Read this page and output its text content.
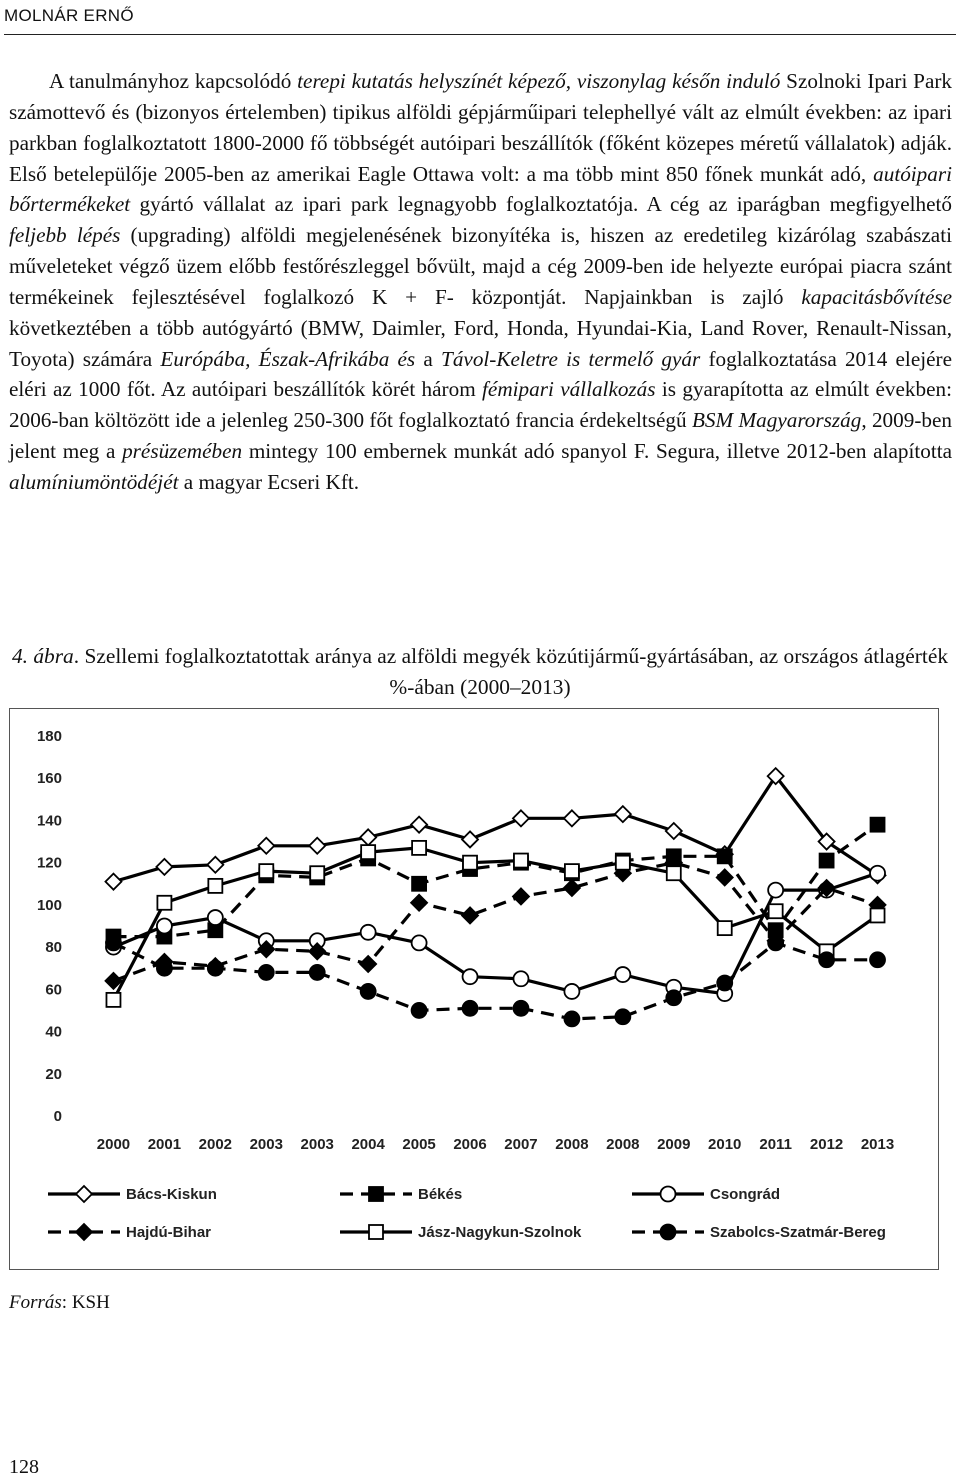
MOLNÁR ERNŐ

A tanulmányhoz kapcsolódó terepi kutatás helyszínét képező, viszonylag későn induló Szolnoki Ipari Park számottevő és (bizonyos értelemben) tipikus alföldi gépjárműipari telephellyé vált az elmúlt években: az ipari parkban foglalkoztatott 1800-2000 fő többségét autóipari beszállítók (főként közepes méretű vállalatok) adják. Első betelepülője 2005-ben az amerikai Eagle Ottawa volt: a ma több mint 850 főnek munkát adó, autóipari bőrtermékeket gyártó vállalat az ipari park legnagyobb foglalkoztatója. A cég az iparágban megfigyelhető feljebb lépés (upgrading) alföldi megjelenésének bizonyítéka is, hiszen az eredetileg kizárólag szabászati műveleteket végző üzem előbb festőrészleggel bővült, majd a cég 2009-ben ide helyezte európai piacra szánt termékeinek fejlesztésével foglalkozó K + F- központját. Napjainkban is zajló kapacitásbővítése következtében a több autógyártó (BMW, Daimler, Ford, Honda, Hyundai-Kia, Land Rover, Renault-Nissan, Toyota) számára Európába, Észak-Afrikába és a Távol-Keletre is termelő gyár foglalkoztatása 2014 elejére eléri az 1000 főt. Az autóipari beszállítók körét három fémipari vállalkozás is gyarapította az elmúlt években: 2006-ban költözött ide a jelenleg 250-300 főt foglalkoztató francia érdekeltségű BSM Magyarország, 2009-ben jelent meg a présüzemében mintegy 100 embernek munkát adó spanyol F. Segura, illetve 2012-ben alapította alumíniumöntödéjét a magyar Ecseri Kft.

4. ábra. Szellemi foglalkoztatottak aránya az alföldi megyék közútijármű-gyártásában, az országos átlagérték %-ában (2000–2013)
0
20
40
60
80
100
120
140
160
180
2000 2001 2002 2003 2003 2004 2005 2006 2007 2008 2008 2009 2010 2011 2012 2013
Bács-Kiskun	Békés	Csongrád
Hajdú-Bihar	Jász-Nagykun-Szolnok	Szabolcs-Szatmár-Bereg
Forrás: KSH
128
